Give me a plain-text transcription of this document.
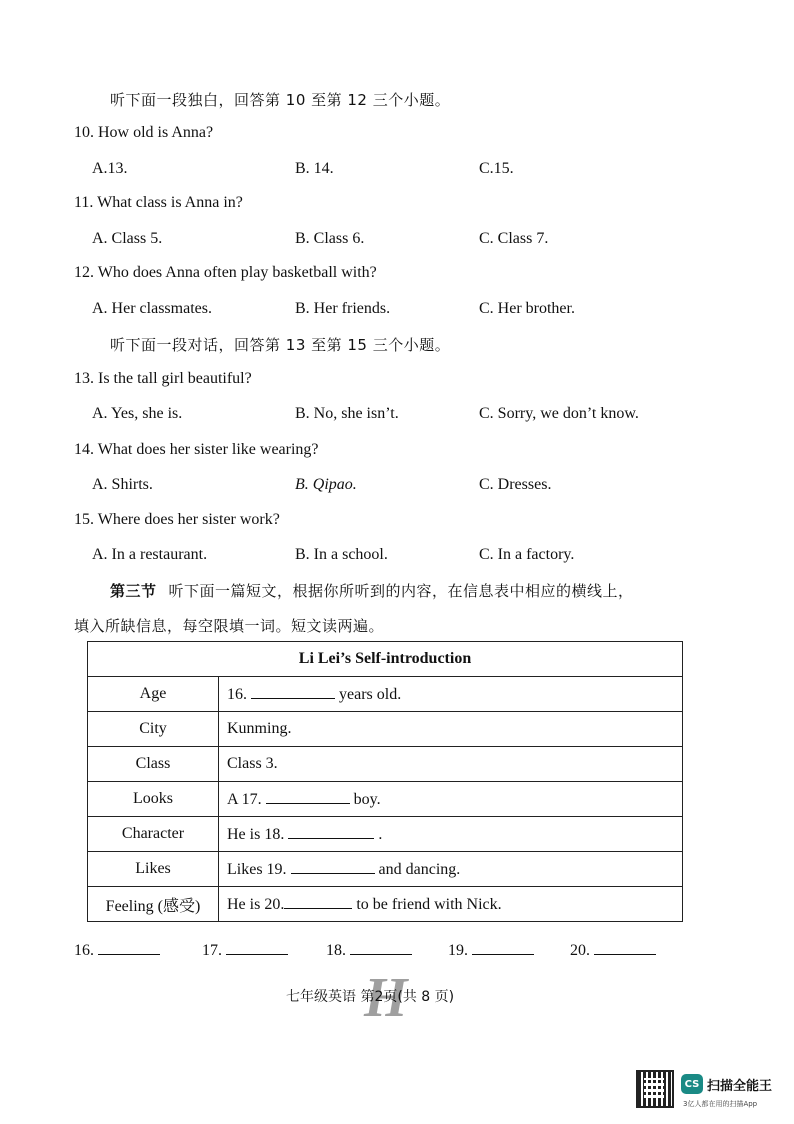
听下面一段独白，回答第 10 至第 12 三个小题。
10. How old is Anna?
A.13.	B. 14.	C.15.
11. What class is Anna in?
A. Class 5.	B. Class 6.	C. Class 7.
12. Who does Anna often play basketball with?
A. Her classmates.	B. Her friends.	C. Her brother.
听下面一段对话，回答第 13 至第 15 三个小题。
13. Is the tall girl beautiful?
A. Yes, she is.	B. No, she isn’t.	C. Sorry, we don’t know.
14. What does her sister like wearing?
A. Shirts.	B. Qipao.	C. Dresses.
15. Where does her sister work?
A. In a restaurant.	B. In a school.	C. In a factory.
第三节 听下面一篇短文，根据你所听到的内容，在信息表中相应的横线上，
填入所缺信息，每空限填一词。短文读两遍。
Li Lei’s Self-introduction	
Age	16. years old.
City	Kunming.
Class	Class 3.
Looks	A 17. boy.
Character	He is 18. .
Likes	Likes 19. and dancing.
Feeling (感受)	He is 20. to be friend with Nick.
16.	17.	18.	19.	20.
H
七年级英语 第2页(共 8 页)
CS 扫描全能王
3亿人都在用的扫描App
